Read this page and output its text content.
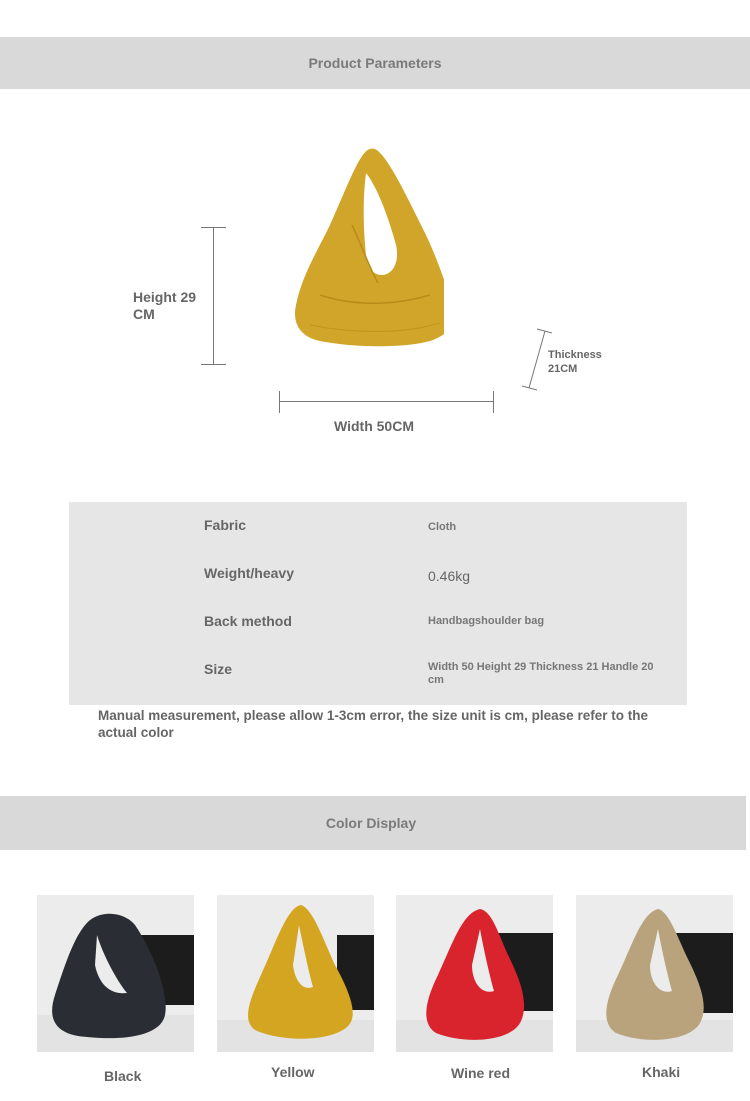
Product Parameters
Height 29
CM
Thickness
21CM
Width 50CM
Fabric	Cloth
Weight/heavy	0.46kg
Back method	Handbagshoulder bag
Size	Width 50 Height 29 Thickness 21 Handle 20 cm
Manual measurement, please allow 1-3cm error, the size unit is cm, please refer to the actual color
Color Display
Black	Yellow	Wine red	Khaki
